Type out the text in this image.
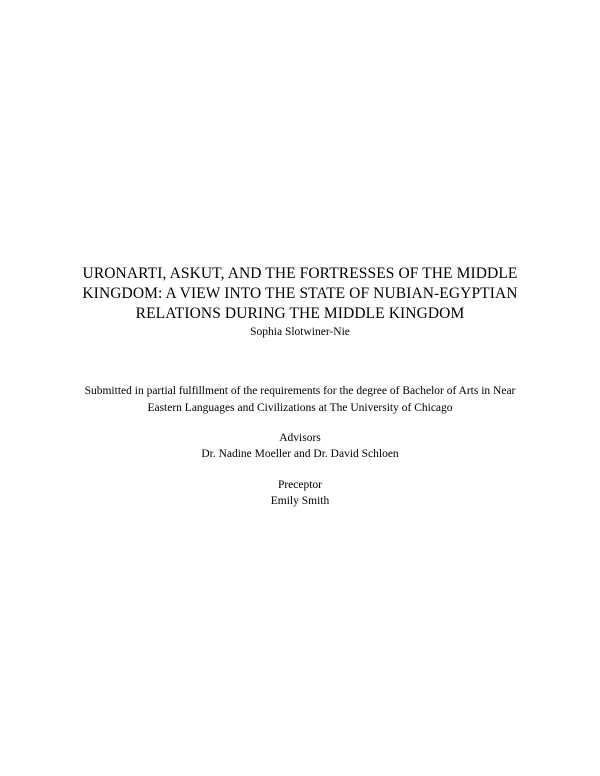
URONARTI, ASKUT, AND THE FORTRESSES OF THE MIDDLE
KINGDOM: A VIEW INTO THE STATE OF NUBIAN-EGYPTIAN
RELATIONS DURING THE MIDDLE KINGDOM
Sophia Slotwiner-Nie
Submitted in partial fulfillment of the requirements for the degree of Bachelor of Arts in Near
Eastern Languages and Civilizations at The University of Chicago
Advisors
Dr. Nadine Moeller and Dr. David Schloen
Preceptor
Emily Smith
